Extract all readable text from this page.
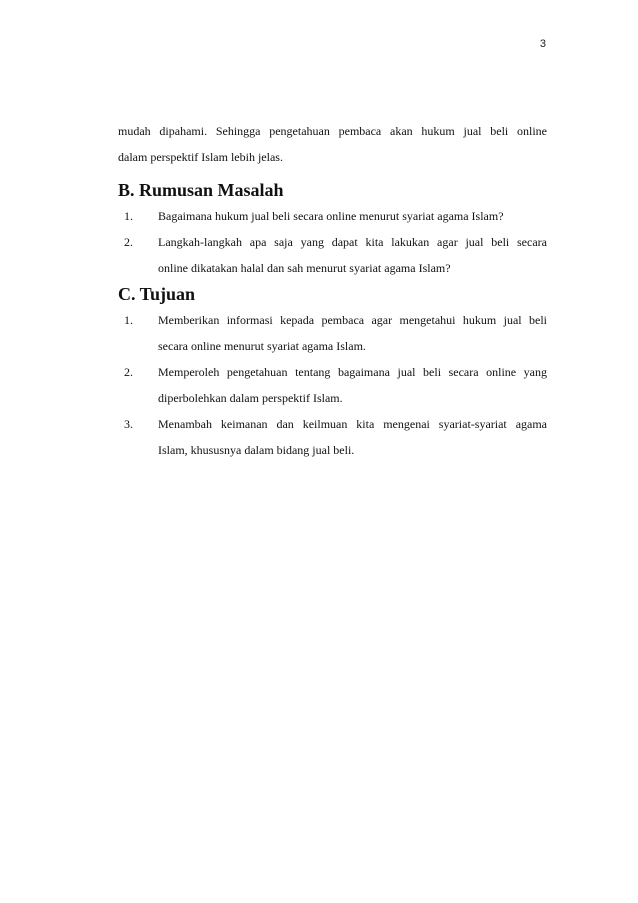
3

mudah dipahami. Sehingga pengetahuan pembaca akan hukum jual beli online
dalam perspektif Islam lebih jelas.

B. Rumusan Masalah
1. Bagaimana hukum jual beli secara online menurut syariat agama Islam?
2. Langkah-langkah apa saja yang dapat kita lakukan agar jual beli secara
online dikatakan halal dan sah menurut syariat agama Islam?
C. Tujuan
1. Memberikan informasi kepada pembaca agar mengetahui hukum jual beli
secara online menurut syariat agama Islam.
2. Memperoleh pengetahuan tentang bagaimana jual beli secara online yang
diperbolehkan dalam perspektif Islam.
3. Menambah keimanan dan keilmuan kita mengenai syariat-syariat agama
Islam, khususnya dalam bidang jual beli.
